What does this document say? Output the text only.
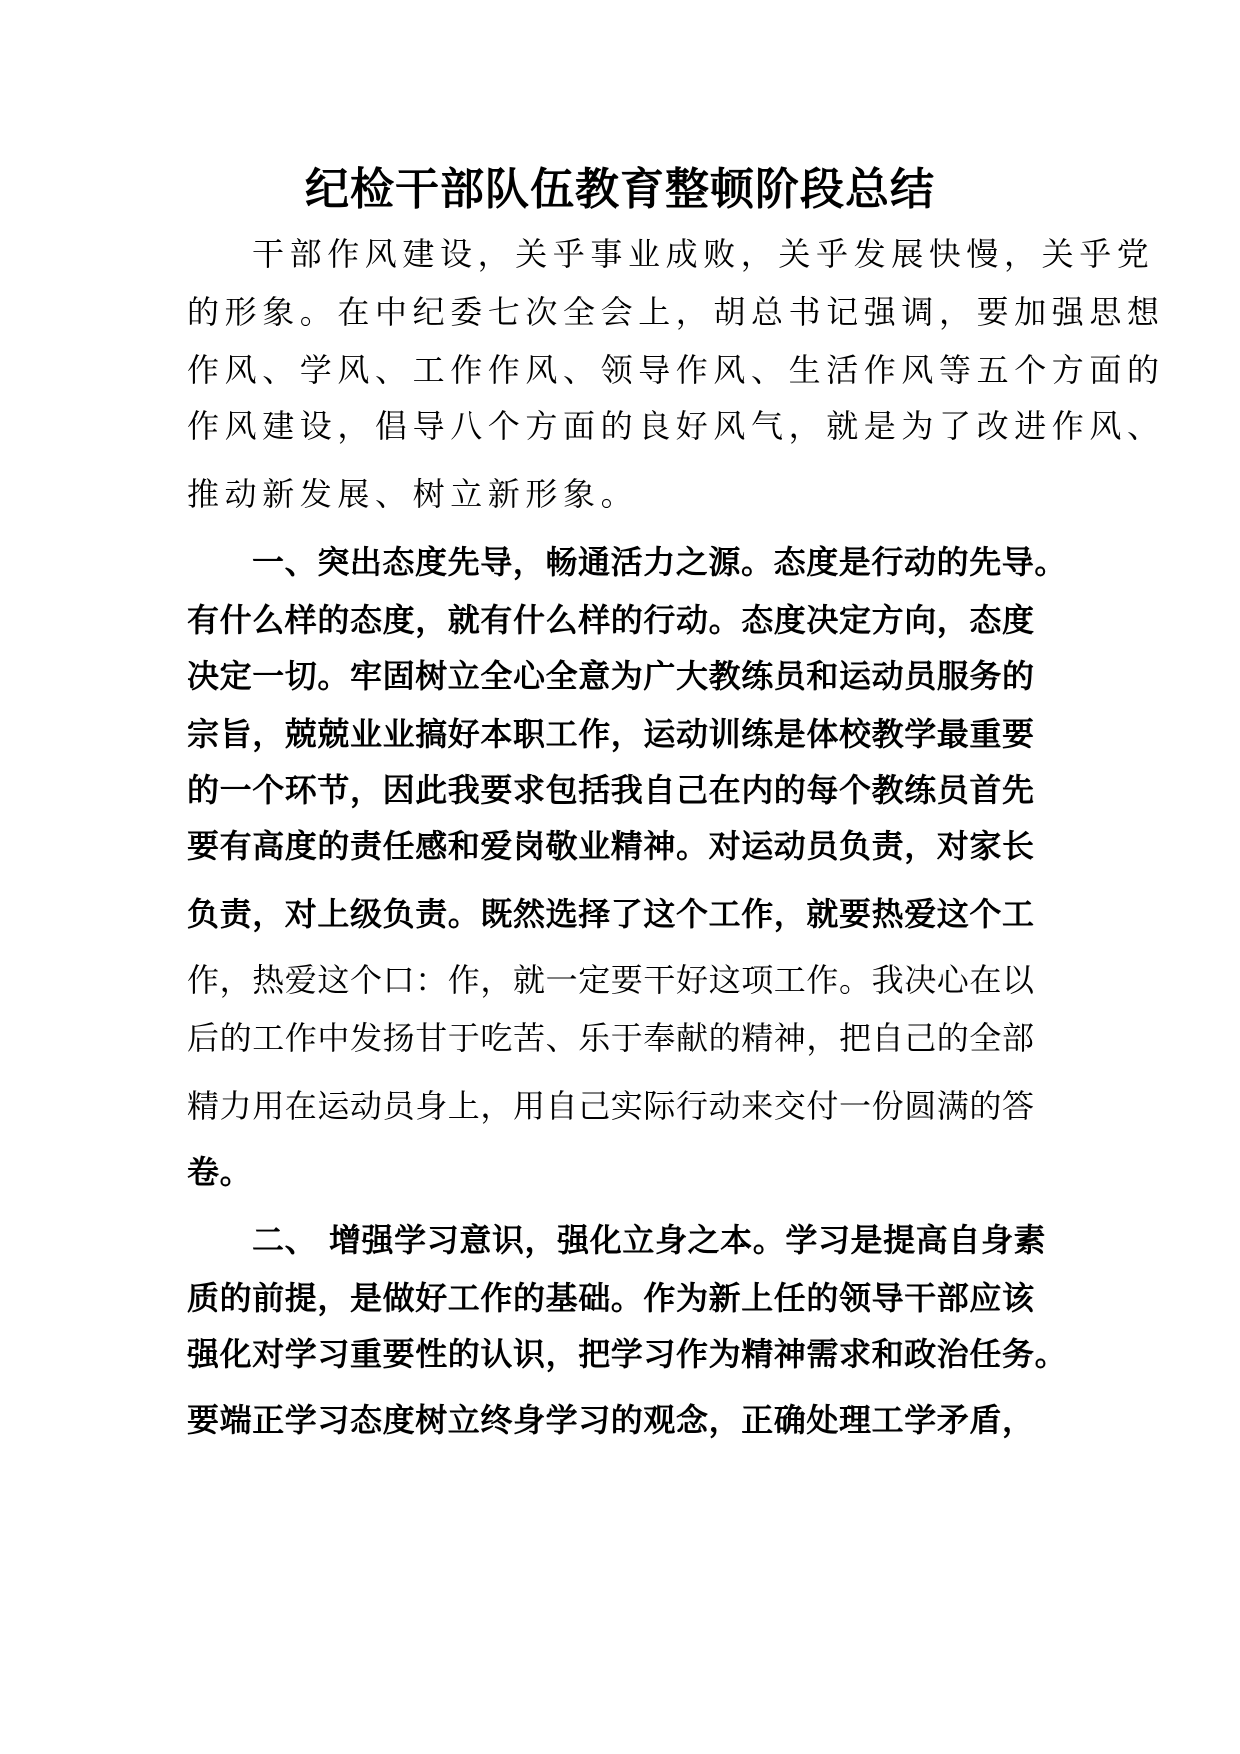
纪检干部队伍教育整顿阶段总结
干部作风建设，关乎事业成败，关乎发展快慢，关乎党
的形象。在中纪委七次全会上，胡总书记强调，要加强思想
作风、学风、工作作风、领导作风、生活作风等五个方面的
作风建设，倡导八个方面的良好风气，就是为了改进作风、
推动新发展、树立新形象。
一、突出态度先导，畅通活力之源。态度是行动的先导。
有什么样的态度，就有什么样的行动。态度决定方向，态度
决定一切。牢固树立全心全意为广大教练员和运动员服务的
宗旨，兢兢业业搞好本职工作，运动训练是体校教学最重要
的一个环节，因此我要求包括我自己在内的每个教练员首先
要有高度的责任感和爱岗敬业精神。对运动员负责，对家长
负责，对上级负责。既然选择了这个工作，就要热爱这个工
作，热爱这个口：作，就一定要干好这项工作。我决心在以
后的工作中发扬甘于吃苦、乐于奉献的精神，把自己的全部
精力用在运动员身上，用自己实际行动来交付一份圆满的答
卷。
二、 增强学习意识，强化立身之本。学习是提高自身素
质的前提，是做好工作的基础。作为新上任的领导干部应该
强化对学习重要性的认识，把学习作为精神需求和政治任务。
要端正学习态度树立终身学习的观念，正确处理工学矛盾，
